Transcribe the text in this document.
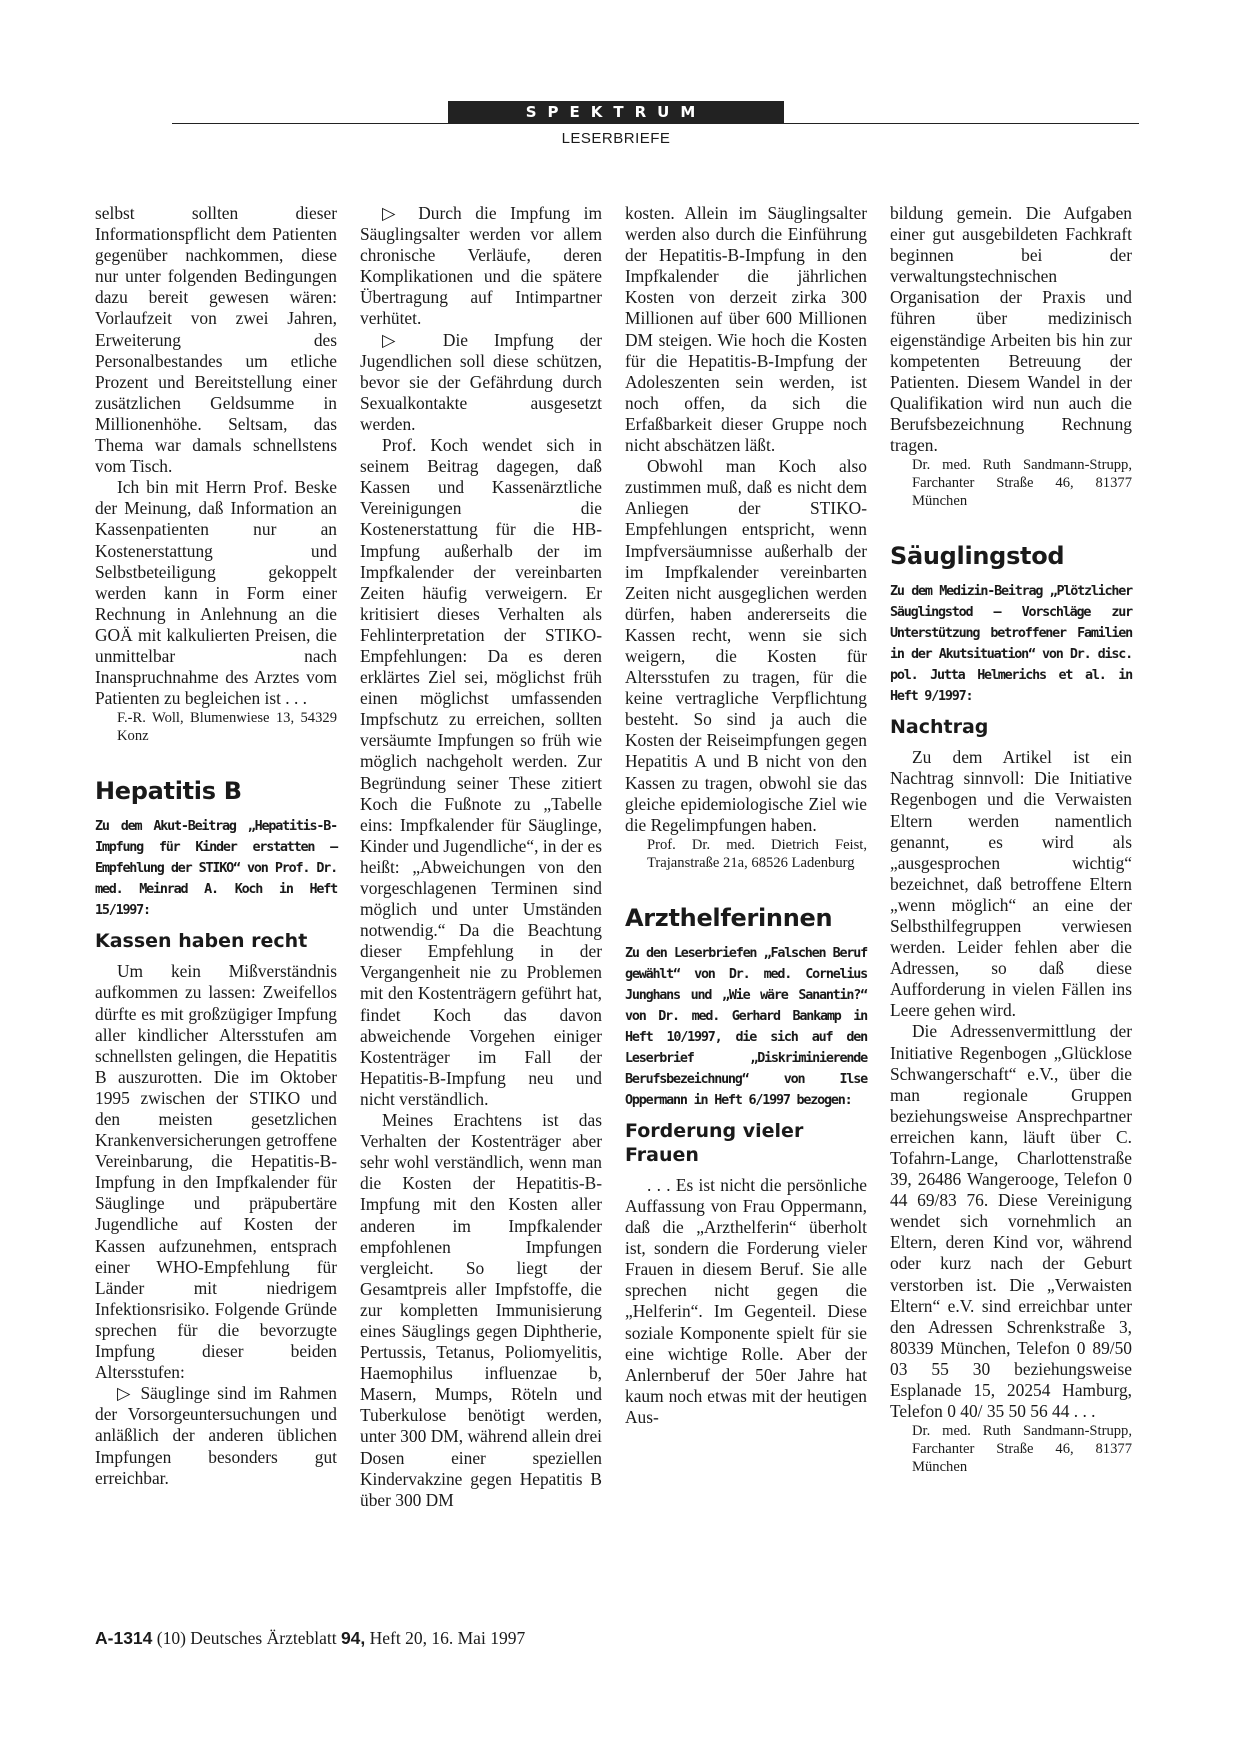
SPEKTRUM
LESERBRIEFE

selbst sollten dieser Informationspflicht dem Patienten gegenüber nachkommen, diese nur unter folgenden Bedingungen dazu bereit gewesen wären: Vorlaufzeit von zwei Jahren, Erweiterung des Personalbestandes um etliche Prozent und Bereitstellung einer zusätzlichen Geldsumme in Millionenhöhe. Seltsam, das Thema war damals schnellstens vom Tisch.

Ich bin mit Herrn Prof. Beske der Meinung, daß Information an Kassenpatienten nur an Kostenerstattung und Selbstbeteiligung gekoppelt werden kann in Form einer Rechnung in Anlehnung an die GOÄ mit kalkulierten Preisen, die unmittelbar nach Inanspruchnahme des Arztes vom Patienten zu begleichen ist . . .

F.-R. Woll, Blumenwiese 13, 54329 Konz

Hepatitis B

Zu dem Akut-Beitrag „Hepatitis-B-Impfung für Kinder erstatten – Empfehlung der STIKO“ von Prof. Dr. med. Meinrad A. Koch in Heft 15/1997:

Kassen haben recht

Um kein Mißverständnis aufkommen zu lassen: Zweifellos dürfte es mit großzügiger Impfung aller kindlicher Altersstufen am schnellsten gelingen, die Hepatitis B auszurotten. Die im Oktober 1995 zwischen der STIKO und den meisten gesetzlichen Krankenversicherungen getroffene Vereinbarung, die Hepatitis-B-Impfung in den Impfkalender für Säuglinge und präpubertäre Jugendliche auf Kosten der Kassen aufzunehmen, entsprach einer WHO-Empfehlung für Länder mit niedrigem Infektionsrisiko. Folgende Gründe sprechen für die bevorzugte Impfung dieser beiden Altersstufen:

▷ Säuglinge sind im Rahmen der Vorsorgeuntersuchungen und anläßlich der anderen üblichen Impfungen besonders gut erreichbar.

▷ Durch die Impfung im Säuglingsalter werden vor allem chronische Verläufe, deren Komplikationen und die spätere Übertragung auf Intimpartner verhütet.

▷ Die Impfung der Jugendlichen soll diese schützen, bevor sie der Gefährdung durch Sexualkontakte ausgesetzt werden.

Prof. Koch wendet sich in seinem Beitrag dagegen, daß Kassen und Kassenärztliche Vereinigungen die Kostenerstattung für die HB-Impfung außerhalb der im Impfkalender der vereinbarten Zeiten häufig verweigern. Er kritisiert dieses Verhalten als Fehlinterpretation der STIKO-Empfehlungen: Da es deren erklärtes Ziel sei, möglichst früh einen möglichst umfassenden Impfschutz zu erreichen, sollten versäumte Impfungen so früh wie möglich nachgeholt werden. Zur Begründung seiner These zitiert Koch die Fußnote zu „Tabelle eins: Impfkalender für Säuglinge, Kinder und Jugendliche“, in der es heißt: „Abweichungen von den vorgeschlagenen Terminen sind möglich und unter Umständen notwendig.“ Da die Beachtung dieser Empfehlung in der Vergangenheit nie zu Problemen mit den Kostenträgern geführt hat, findet Koch das davon abweichende Vorgehen einiger Kostenträger im Fall der Hepatitis-B-Impfung neu und nicht verständlich.

Meines Erachtens ist das Verhalten der Kostenträger aber sehr wohl verständlich, wenn man die Kosten der Hepatitis-B-Impfung mit den Kosten aller anderen im Impfkalender empfohlenen Impfungen vergleicht. So liegt der Gesamtpreis aller Impfstoffe, die zur kompletten Immunisierung eines Säuglings gegen Diphtherie, Pertussis, Tetanus, Poliomyelitis, Haemophilus influenzae b, Masern, Mumps, Röteln und Tuberkulose benötigt werden, unter 300 DM, während allein drei Dosen einer speziellen Kindervakzine gegen Hepatitis B über 300 DM

kosten. Allein im Säuglingsalter werden also durch die Einführung der Hepatitis-B-Impfung in den Impfkalender die jährlichen Kosten von derzeit zirka 300 Millionen auf über 600 Millionen DM steigen. Wie hoch die Kosten für die Hepatitis-B-Impfung der Adoleszenten sein werden, ist noch offen, da sich die Erfaßbarkeit dieser Gruppe noch nicht abschätzen läßt.

Obwohl man Koch also zustimmen muß, daß es nicht dem Anliegen der STIKO-Empfehlungen entspricht, wenn Impfversäumnisse außerhalb der im Impfkalender vereinbarten Zeiten nicht ausgeglichen werden dürfen, haben andererseits die Kassen recht, wenn sie sich weigern, die Kosten für Altersstufen zu tragen, für die keine vertragliche Verpflichtung besteht. So sind ja auch die Kosten der Reiseimpfungen gegen Hepatitis A und B nicht von den Kassen zu tragen, obwohl sie das gleiche epidemiologische Ziel wie die Regelimpfungen haben.

Prof. Dr. med. Dietrich Feist, Trajanstraße 21a, 68526 Ladenburg

Arzthelferinnen

Zu den Leserbriefen „Falschen Beruf gewählt“ von Dr. med. Cornelius Junghans und „Wie wäre Sanantin?“ von Dr. med. Gerhard Bankamp in Heft 10/1997, die sich auf den Leserbrief „Diskriminierende Berufsbezeichnung“ von Ilse Oppermann in Heft 6/1997 bezogen:

Forderung vieler Frauen

. . . Es ist nicht die persönliche Auffassung von Frau Oppermann, daß die „Arzthelferin“ überholt ist, sondern die Forderung vieler Frauen in diesem Beruf. Sie alle sprechen nicht gegen die „Helferin“. Im Gegenteil. Diese soziale Komponente spielt für sie eine wichtige Rolle. Aber der Anlernberuf der 50er Jahre hat kaum noch etwas mit der heutigen Aus-

bildung gemein. Die Aufgaben einer gut ausgebildeten Fachkraft beginnen bei der verwaltungstechnischen Organisation der Praxis und führen über medizinisch eigenständige Arbeiten bis hin zur kompetenten Betreuung der Patienten. Diesem Wandel in der Qualifikation wird nun auch die Berufsbezeichnung Rechnung tragen.

Dr. med. Ruth Sandmann-Strupp, Farchanter Straße 46, 81377 München

Säuglingstod

Zu dem Medizin-Beitrag „Plötzlicher Säuglingstod – Vorschläge zur Unterstützung betroffener Familien in der Akutsituation“ von Dr. disc. pol. Jutta Helmerichs et al. in Heft 9/1997:

Nachtrag

Zu dem Artikel ist ein Nachtrag sinnvoll: Die Initiative Regenbogen und die Verwaisten Eltern werden namentlich genannt, es wird als „ausgesprochen wichtig“ bezeichnet, daß betroffene Eltern „wenn möglich“ an eine der Selbsthilfegruppen verwiesen werden. Leider fehlen aber die Adressen, so daß diese Aufforderung in vielen Fällen ins Leere gehen wird.

Die Adressenvermittlung der Initiative Regenbogen „Glücklose Schwangerschaft“ e.V., über die man regionale Gruppen beziehungsweise Ansprechpartner erreichen kann, läuft über C. Tofahrn-Lange, Charlottenstraße 39, 26486 Wangerooge, Telefon 0 44 69/83 76. Diese Vereinigung wendet sich vornehmlich an Eltern, deren Kind vor, während oder kurz nach der Geburt verstorben ist. Die „Verwaisten Eltern“ e.V. sind erreichbar unter den Adressen Schrenkstraße 3, 80339 München, Telefon 0 89/50 03 55 30 beziehungsweise Esplanade 15, 20254 Hamburg, Telefon 0 40/ 35 50 56 44 . . .

Dr. med. Ruth Sandmann-Strupp, Farchanter Straße 46, 81377 München

A-1314 (10) Deutsches Ärzteblatt 94, Heft 20, 16. Mai 1997
